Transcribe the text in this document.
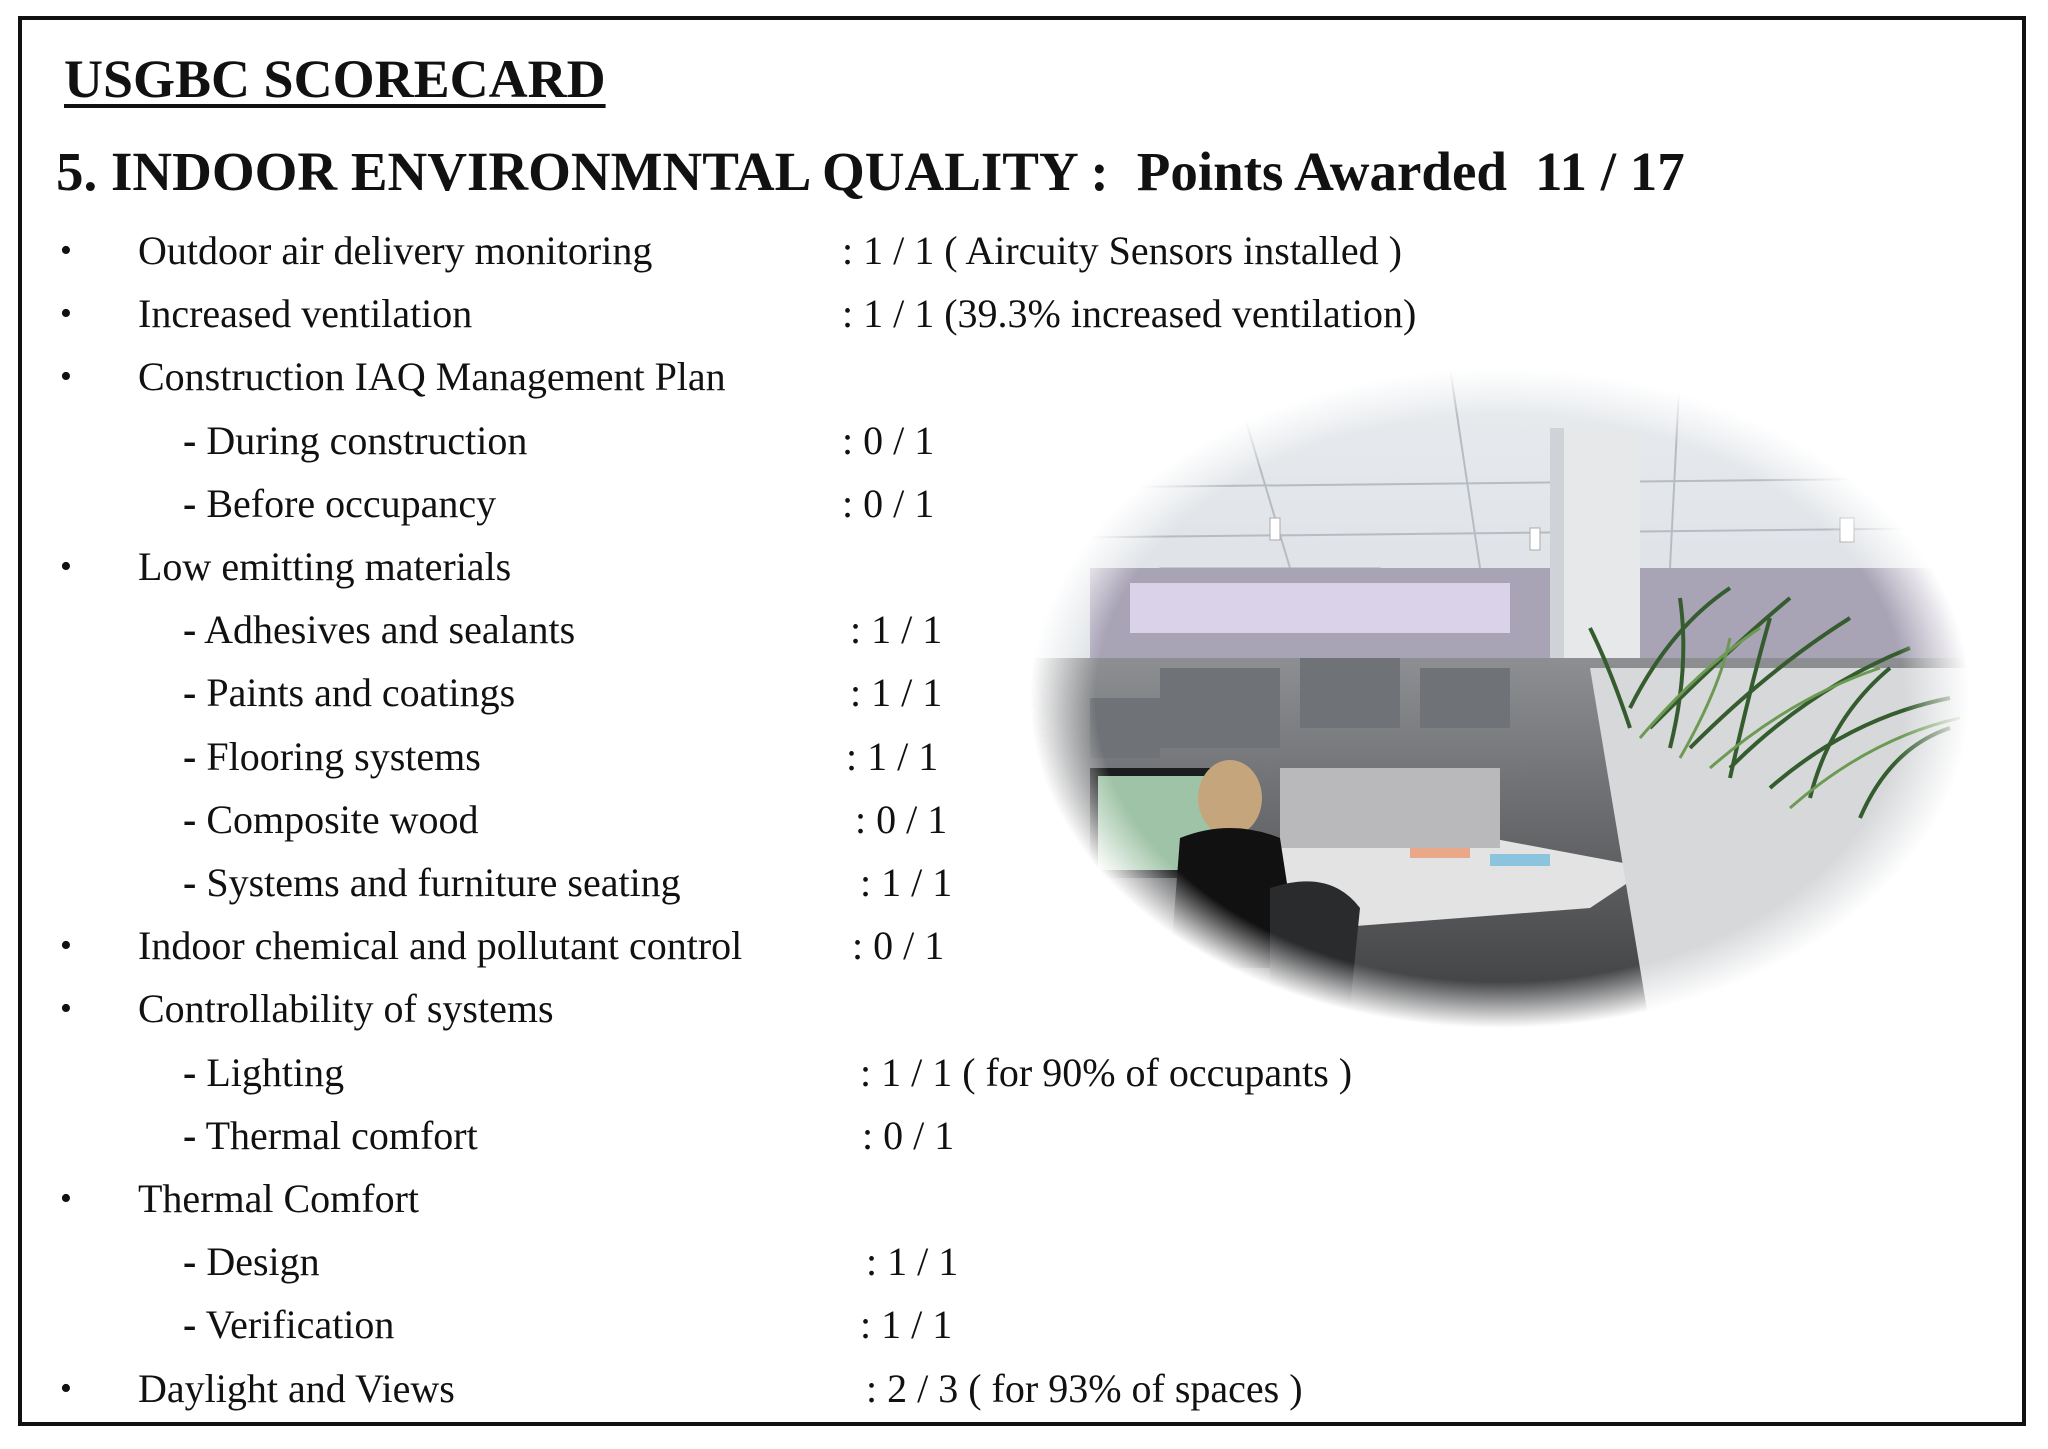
USGBC SCORECARD
5. INDOOR ENVIRONMNTAL QUALITY : Points Awarded 11 / 17
• Outdoor air delivery monitoring	: 1 / 1 ( Aircuity Sensors installed )
• Increased ventilation	: 1 / 1 (39.3% increased ventilation)
• Construction IAQ Management Plan
- During construction	: 0 / 1
- Before occupancy	: 0 / 1
• Low emitting materials
- Adhesives and sealants	: 1 / 1
- Paints and coatings	: 1 / 1
- Flooring systems	: 1 / 1
- Composite wood	: 0 / 1
- Systems and furniture seating	: 1 / 1
• Indoor chemical and pollutant control	: 0 / 1
• Controllability of systems
- Lighting	: 1 / 1 ( for 90% of occupants )
- Thermal comfort	: 0 / 1
• Thermal Comfort
- Design	: 1 / 1
- Verification	: 1 / 1
• Daylight and Views	: 2 / 3 ( for 93% of spaces )
